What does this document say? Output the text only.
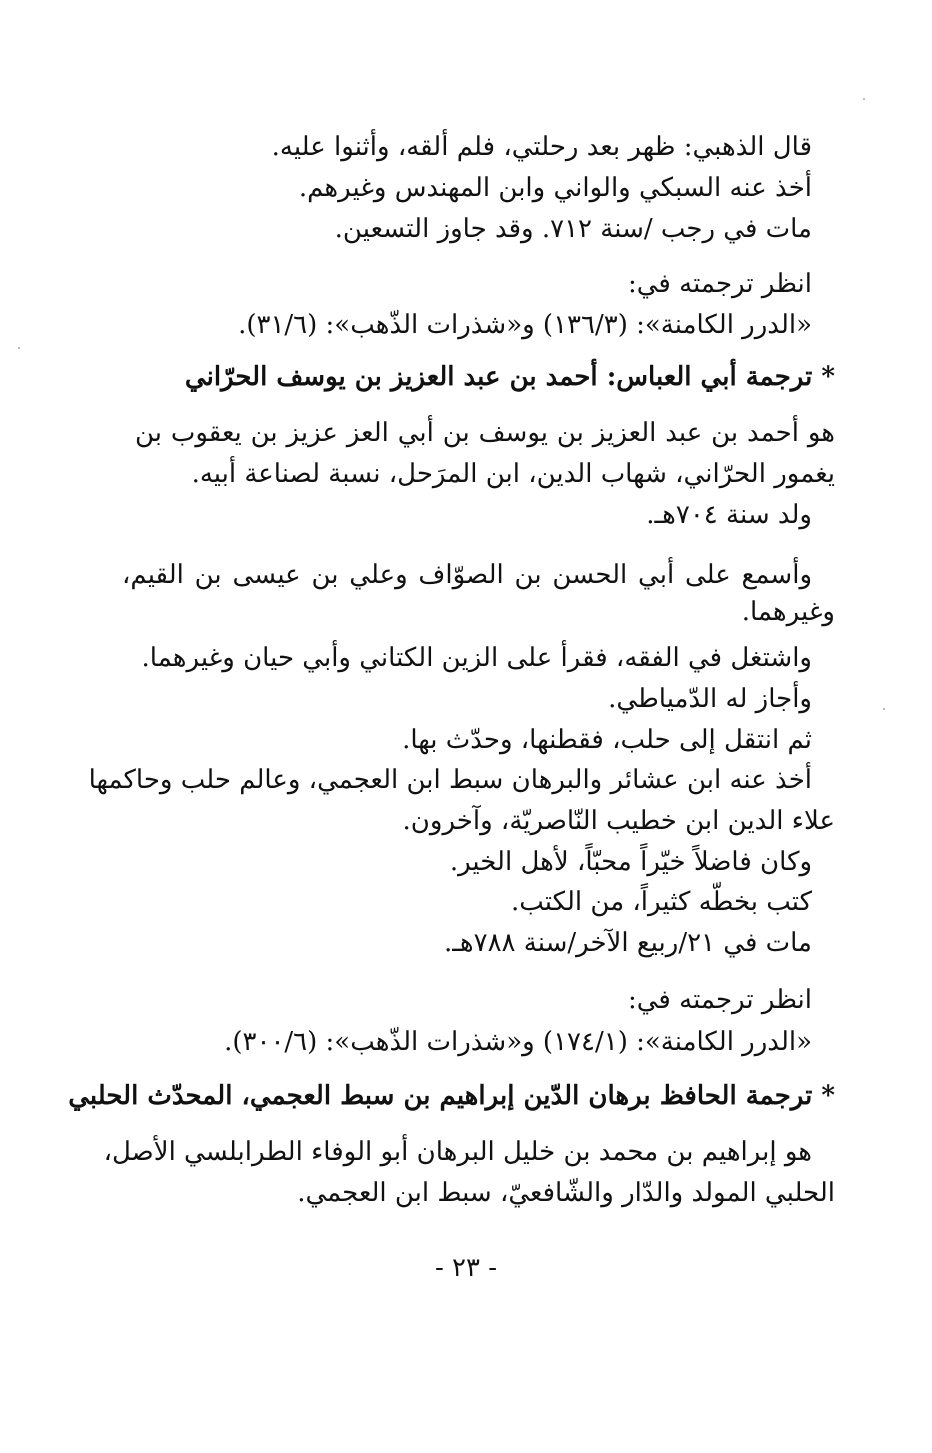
قال الذهبي: ظهر بعد رحلتي، فلم ألقه، وأثنوا عليه.
أخذ عنه السبكي والواني وابن المهندس وغيرهم.
مات في رجب /سنة ٧١٢. وقد جاوز التسعين.
انظر ترجمته في:
«الدرر الكامنة»: (١٣٦/٣) و«شذرات الذّهب»: (٣١/٦).
* ترجمة أبي العباس: أحمد بن عبد العزيز بن يوسف الحرّاني
هو أحمد بن عبد العزيز بن يوسف بن أبي العز عزيز بن يعقوب بن
يغمور الحرّاني، شهاب الدين، ابن المرَحل، نسبة لصناعة أبيه.
ولد سنة ٧٠٤هـ.
وأسمع على أبي الحسن بن الصوّاف وعلي بن عيسى بن القيم،
وغيرهما.
واشتغل في الفقه، فقرأ على الزين الكتاني وأبي حيان وغيرهما.
وأجاز له الدّمياطي.
ثم انتقل إلى حلب، فقطنها، وحدّث بها.
أخذ عنه ابن عشائر والبرهان سبط ابن العجمي، وعالم حلب وحاكمها
علاء الدين ابن خطيب النّاصريّة، وآخرون.
وكان فاضلاً خيّراً محبّاً، لأهل الخير.
كتب بخطّه كثيراً، من الكتب.
مات في ٢١/ربيع الآخر/سنة ٧٨٨هـ.
انظر ترجمته في:
«الدرر الكامنة»: (١٧٤/١) و«شذرات الذّهب»: (٣٠٠/٦).
* ترجمة الحافظ برهان الدّين إبراهيم بن سبط العجمي، المحدّث الحلبي
هو إبراهيم بن محمد بن خليل البرهان أبو الوفاء الطرابلسي الأصل،
الحلبي المولد والدّار والشّافعيّ، سبط ابن العجمي.
- ٢٣ -
